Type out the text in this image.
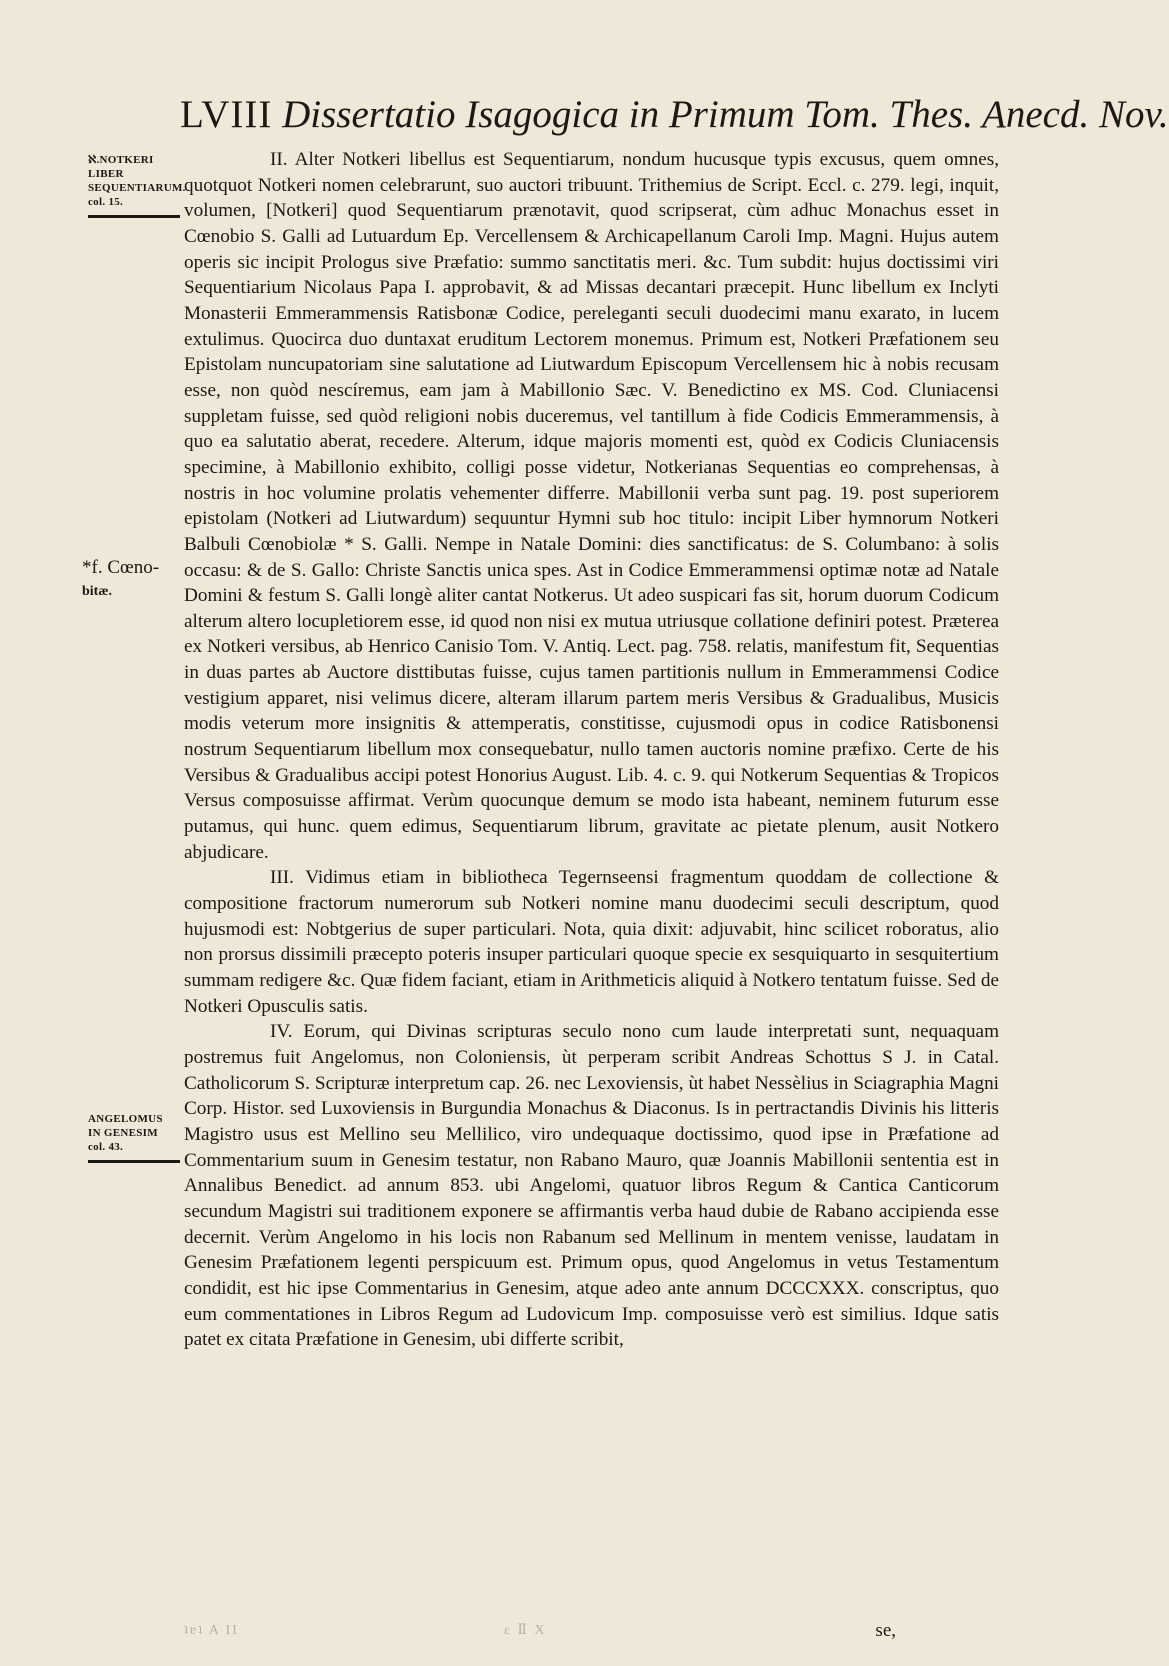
LVIII Dissertatio Isagogica in Primum Tom. Thes. Anecd. Nov.
ℵ.NOTKERI LIBER SEQUENTIARUM. col. 15.
*f. Cœno-
bitæ.
ANGELOMUS IN GENESIM col. 43.

II. Alter Notkeri libellus est Sequentiarum, nondum hucusque typis excusus, quem omnes, quotquot Notkeri nomen celebrarunt, suo auctori tribuunt. Trithemius de Script. Eccl. c. 279. legi, inquit, volumen, [Notkeri] quod Sequentiarum prænotavit, quod scripserat, cùm adhuc Monachus esset in Cœnobio S. Galli ad Lutuardum Ep. Vercellensem & Archicapellanum Caroli Imp. Magni. Hujus autem operis sic incipit Prologus sive Præfatio: summo sanctitatis meri. &c. Tum subdit: hujus doctissimi viri Sequentiarium Nicolaus Papa I. approbavit, & ad Missas decantari præcepit. Hunc libellum ex Inclyti Monasterii Emmerammensis Ratisbonæ Codice, pereleganti seculi duodecimi manu exarato, in lucem extulimus. Quocirca duo duntaxat eruditum Lectorem monemus. Primum est, Notkeri Præfationem seu Epistolam nuncupatoriam sine salutatione ad Liutwardum Episcopum Vercellensem hic à nobis recusam esse, non quòd nescíremus, eam jam à Mabillonio Sæc. V. Benedictino ex MS. Cod. Cluniacensi suppletam fuisse, sed quòd religioni nobis duceremus, vel tantillum à fide Codicis Emmerammensis, à quo ea salutatio aberat, recedere. Alterum, idque majoris momenti est, quòd ex Codicis Cluniacensis specimine, à Mabillonio exhibito, colligi posse videtur, Notkerianas Sequentias eo comprehensas, à nostris in hoc volumine prolatis vehementer differre. Mabillonii verba sunt pag. 19. post superiorem epistolam (Notkeri ad Liutwardum) sequuntur Hymni sub hoc titulo: incipit Liber hymnorum Notkeri Balbuli Cœnobiolæ * S. Galli. Nempe in Natale Domini: dies sanctificatus: de S. Columbano: à solis occasu: & de S. Gallo: Christe Sanctis unica spes. Ast in Codice Emmerammensi optimæ notæ ad Natale Domini & festum S. Galli longè aliter cantat Notkerus. Ut adeo suspicari fas sit, horum duorum Codicum alterum altero locupletiorem esse, id quod non nisi ex mutua utriusque collatione definiri potest. Præterea ex Notkeri versibus, ab Henrico Canisio Tom. V. Antiq. Lect. pag. 758. relatis, manifestum fit, Sequentias in duas partes ab Auctore disttibutas fuisse, cujus tamen partitionis nullum in Emmerammensi Codice vestigium apparet, nisi velimus dicere, alteram illarum partem meris Versibus & Gradualibus, Musicis modis veterum more insignitis & attemperatis, constitisse, cujusmodi opus in codice Ratisbonensi nostrum Sequentiarum libellum mox consequebatur, nullo tamen auctoris nomine præfixo. Certe de his Versibus & Gradualibus accipi potest Honorius August. Lib. 4. c. 9. qui Notkerum Sequentias & Tropicos Versus composuisse affirmat. Verùm quocunque demum se modo ista habeant, neminem futurum esse putamus, qui hunc. quem edimus, Sequentiarum librum, gravitate ac pietate plenum, ausit Notkero abjudicare.

III. Vidimus etiam in bibliotheca Tegernseensi fragmentum quoddam de collectione & compositione fractorum numerorum sub Notkeri nomine manu duodecimi seculi descriptum, quod hujusmodi est: Nobtgerius de super particulari. Nota, quia dixit: adjuvabit, hinc scilicet roboratus, alio non prorsus dissimili præcepto poteris insuper particulari quoque specie ex sesquiquarto in sesquitertium summam redigere &c. Quæ fidem faciant, etiam in Arithmeticis aliquid à Notkero tentatum fuisse. Sed de Notkeri Opusculis satis.

IV. Eorum, qui Divinas scripturas seculo nono cum laude interpretati sunt, nequaquam postremus fuit Angelomus, non Coloniensis, ùt perperam scribit Andreas Schottus S J. in Catal. Catholicorum S. Scripturæ interpretum cap. 26. nec Lexoviensis, ùt habet Nessèlius in Sciagraphia Magni Corp. Histor. sed Luxoviensis in Burgundia Monachus & Diaconus. Is in pertractandis Divinis his litteris Magistro usus est Mellino seu Mellilico, viro undequaque doctissimo, quod ipse in Præfatione ad Commentarium suum in Genesim testatur, non Rabano Mauro, quæ Joannis Mabillonii sententia est in Annalibus Benedict. ad annum 853. ubi Angelomi, quatuor libros Regum & Cantica Canticorum secundum Magistri sui traditionem exponere se affirmantis verba haud dubie de Rabano accipienda esse decernit. Verùm Angelomo in his locis non Rabanum sed Mellinum in mentem venisse, laudatam in Genesim Præfationem legenti perspicuum est. Primum opus, quod Angelomus in vetus Testamentum condidit, est hic ipse Commentarius in Genesim, atque adeo ante annum DCCCXXX. conscriptus, quo eum commentationes in Libros Regum ad Ludovicum Imp. composuisse verò est similius. Idque satis patet ex citata Præfatione in Genesim, ubi differte scribit,

ʇɐʇ A II	ɛ Ⅱ X	se,
